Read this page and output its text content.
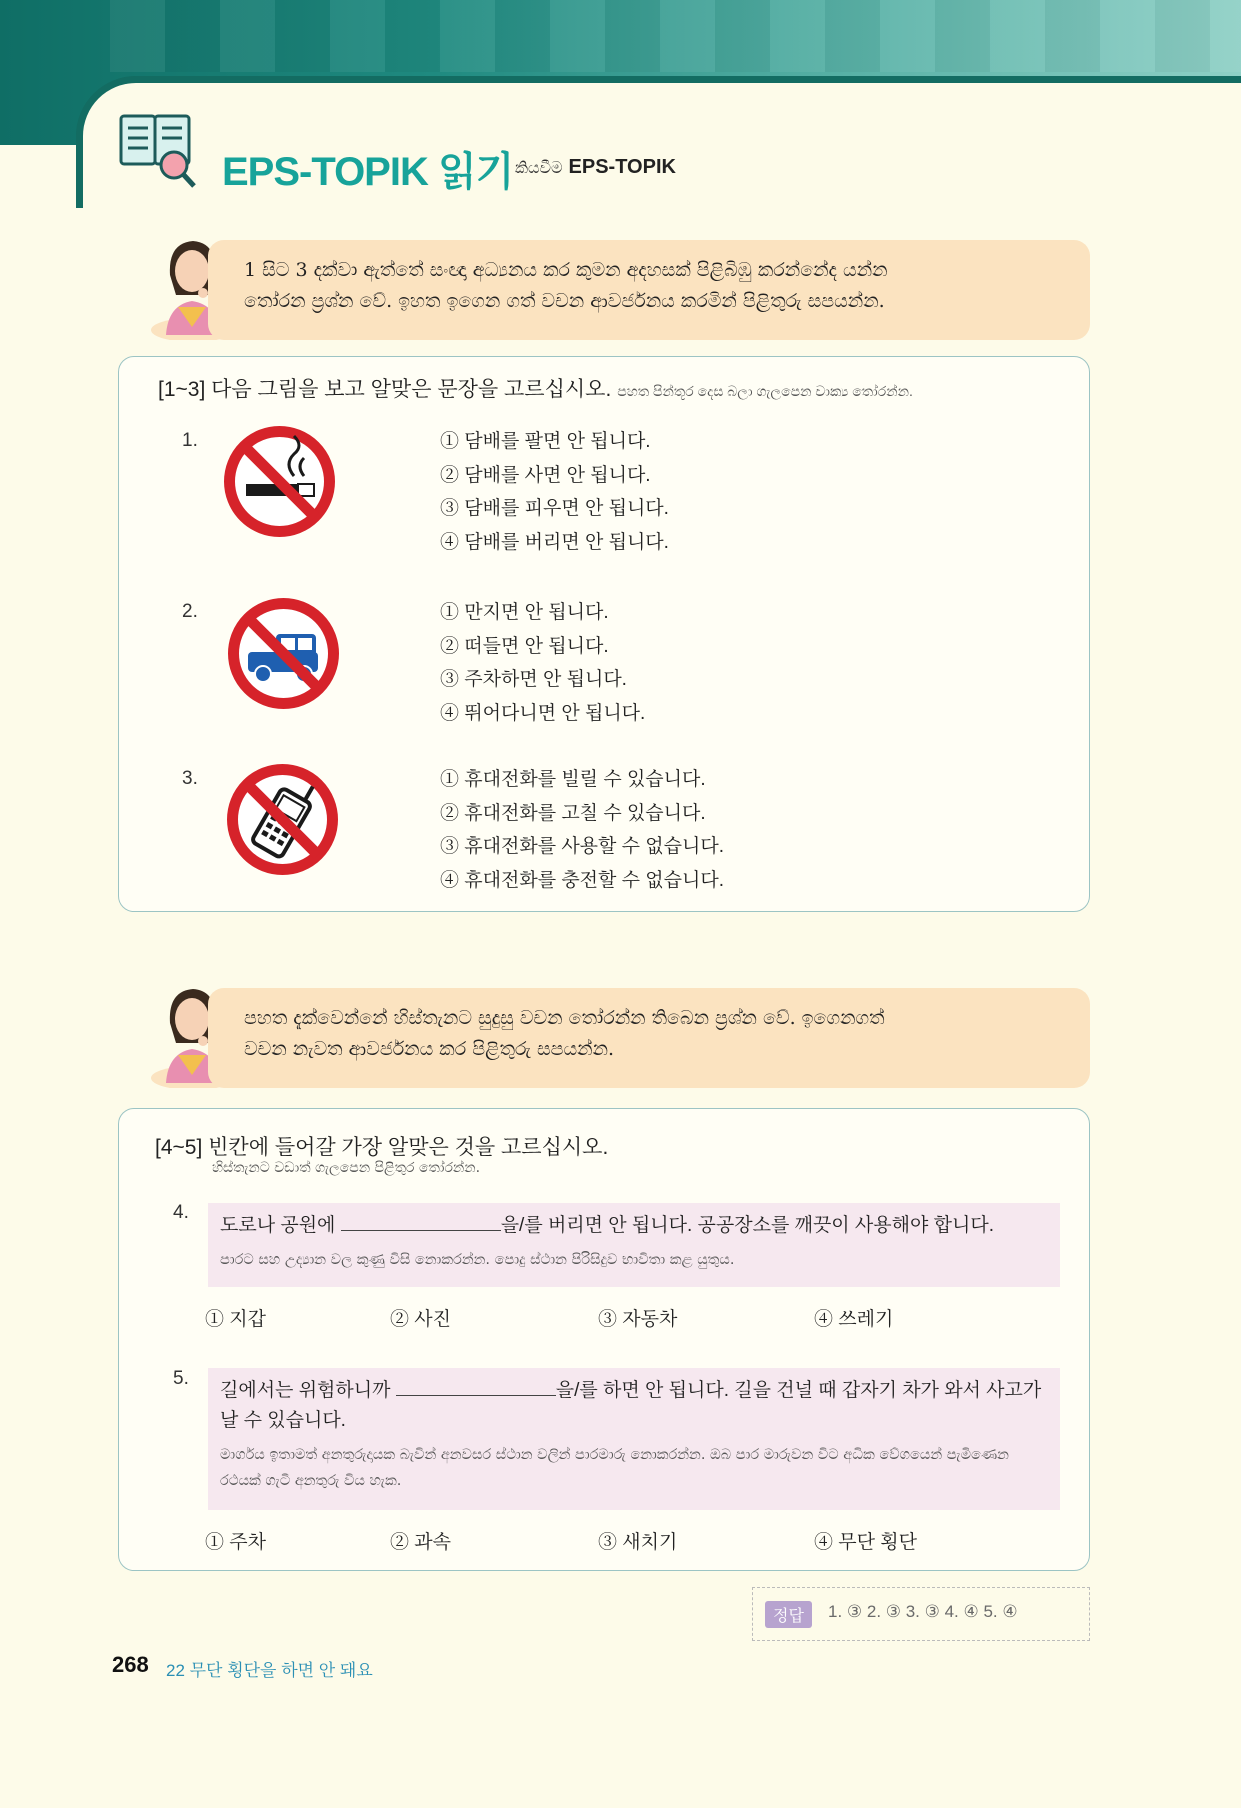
EPS-TOPIK 읽기 කියවීම EPS-TOPIK
1 සිට 3 දක්වා ඇත්තේ සංඥා අධ්‍යනය කර කුමන අදහසක් පිළිබිඹු කරන්නේද යන්න
තෝරන ප්‍රශ්න වේ. ඉහත ඉගෙන ගත් වචන ආවර්ජනය කරමින් පිළිතුරු සපයන්න.
[1~3] 다음 그림을 보고 알맞은 문장을 고르십시오. පහත පින්තූර දෙස බලා ගැලපෙන වාක්‍ය තෝරන්න.
1.	① 담배를 팔면 안 됩니다.
② 담배를 사면 안 됩니다.
③ 담배를 피우면 안 됩니다.
④ 담배를 버리면 안 됩니다.
2.	① 만지면 안 됩니다.
② 떠들면 안 됩니다.
③ 주차하면 안 됩니다.
④ 뛰어다니면 안 됩니다.
3.	① 휴대전화를 빌릴 수 있습니다.
② 휴대전화를 고칠 수 있습니다.
③ 휴대전화를 사용할 수 없습니다.
④ 휴대전화를 충전할 수 없습니다.
පහත දැක්වෙන්නේ හිස්තැනට සුදුසු වචන තෝරන්න තිබෙන ප්‍රශ්න වේ. ඉගෙනගත්
වචන නැවත ආවර්ජනය කර පිළිතුරු සපයන්න.
[4~5] 빈칸에 들어갈 가장 알맞은 것을 고르십시오.
හිස්තැනට වඩාත් ගැලපෙන පිළිතුර තෝරන්න.
4.
도로나 공원에	을/를 버리면 안 됩니다. 공공장소를 깨끗이 사용해야 합니다.
පාරට සහ උද්‍යාන වල කුණු විසි නොකරන්න. පොදු ස්ථාන පිරිසිදුව භාවිතා කළ යුතුය.
① 지갑	② 사진	③ 자동차	④ 쓰레기
5.
길에서는 위험하니까	을/를 하면 안 됩니다. 길을 건널 때 갑자기 차가 와서 사고가 날 수 있습니다.
මාර්ගය ඉතාමත් අනතුරුදායක බැවින් අනවසර ස්ථාන වලින් පාරමාරු නොකරන්න. ඔබ පාර මාරුවන විට අධික වේගයෙන් පැමිණෙන රථයක් ගැටී අනතුරු විය හැක.
① 주차	② 과속	③ 새치기	④ 무단 횡단
정답	1. ③ 2. ③ 3. ③ 4. ④ 5. ④
268 22 무단 횡단을 하면 안 돼요
